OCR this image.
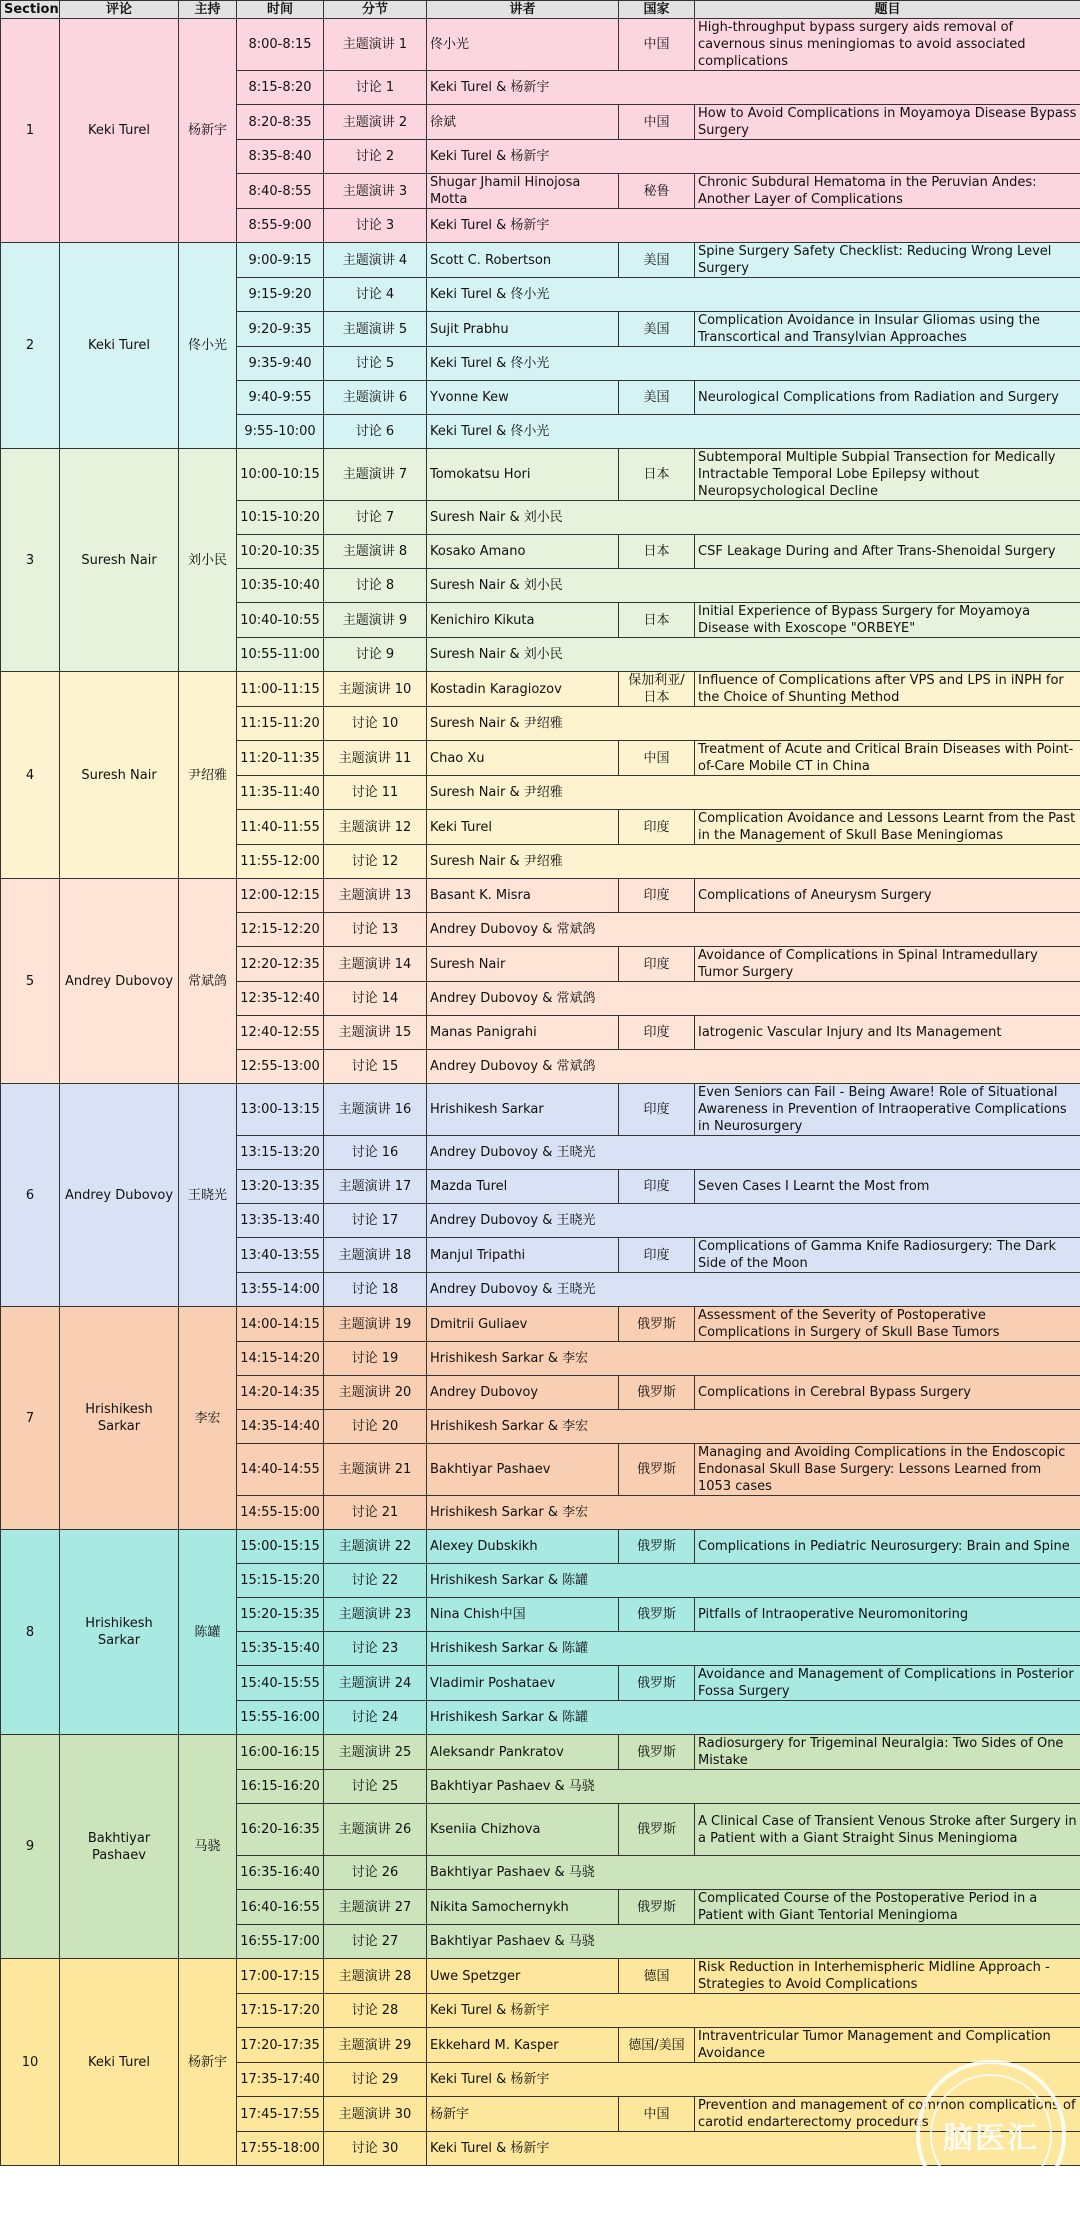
Section	评论	主持	时间	分节	讲者	国家	题目
1	Keki Turel	杨新宇	8:00-8:15	主题演讲 1	佟小光	中国	High-throughput bypass surgery aids removal of cavernous sinus meningiomas to avoid associated complications
			8:15-8:20	讨论 1	Keki Turel & 杨新宇		
			8:20-8:35	主题演讲 2	徐斌	中国	How to Avoid Complications in Moyamoya Disease Bypass Surgery
			8:35-8:40	讨论 2	Keki Turel & 杨新宇		
			8:40-8:55	主题演讲 3	Shugar Jhamil Hinojosa Motta	秘鲁	Chronic Subdural Hematoma in the Peruvian Andes: Another Layer of Complications
			8:55-9:00	讨论 3	Keki Turel & 杨新宇		
2	Keki Turel	佟小光	9:00-9:15	主题演讲 4	Scott C. Robertson	美国	Spine Surgery Safety Checklist: Reducing Wrong Level Surgery
			9:15-9:20	讨论 4	Keki Turel & 佟小光		
			9:20-9:35	主题演讲 5	Sujit Prabhu	美国	Complication Avoidance in Insular Gliomas using the Transcortical and Transylvian Approaches
			9:35-9:40	讨论 5	Keki Turel & 佟小光		
			9:40-9:55	主题演讲 6	Yvonne Kew	美国	Neurological Complications from Radiation and Surgery
			9:55-10:00	讨论 6	Keki Turel & 佟小光		
3	Suresh Nair	刘小民	10:00-10:15	主题演讲 7	Tomokatsu Hori	日本	Subtemporal Multiple Subpial Transection for Medically Intractable Temporal Lobe Epilepsy without Neuropsychological Decline
			10:15-10:20	讨论 7	Suresh Nair & 刘小民		
			10:20-10:35	主题演讲 8	Kosako Amano	日本	CSF Leakage During and After Trans-Shenoidal Surgery
			10:35-10:40	讨论 8	Suresh Nair & 刘小民		
			10:40-10:55	主题演讲 9	Kenichiro Kikuta	日本	Initial Experience of Bypass Surgery for Moyamoya Disease with Exoscope "ORBEYE"
			10:55-11:00	讨论 9	Suresh Nair & 刘小民		
4	Suresh Nair	尹绍雅	11:00-11:15	主题演讲 10	Kostadin Karagiozov	保加利亚/日本	Influence of Complications after VPS and LPS in iNPH for the Choice of Shunting Method
			11:15-11:20	讨论 10	Suresh Nair & 尹绍雅		
			11:20-11:35	主题演讲 11	Chao Xu	中国	Treatment of Acute and Critical Brain Diseases with Point-of-Care Mobile CT in China
			11:35-11:40	讨论 11	Suresh Nair & 尹绍雅		
			11:40-11:55	主题演讲 12	Keki Turel	印度	Complication Avoidance and Lessons Learnt from the Past in the Management of Skull Base Meningiomas
			11:55-12:00	讨论 12	Suresh Nair & 尹绍雅		
5	Andrey Dubovoy	常斌鸽	12:00-12:15	主题演讲 13	Basant K. Misra	印度	Complications of Aneurysm Surgery
			12:15-12:20	讨论 13	Andrey Dubovoy & 常斌鸽		
			12:20-12:35	主题演讲 14	Suresh Nair	印度	Avoidance of Complications in Spinal Intramedullary Tumor Surgery
			12:35-12:40	讨论 14	Andrey Dubovoy & 常斌鸽		
			12:40-12:55	主题演讲 15	Manas Panigrahi	印度	Iatrogenic Vascular Injury and Its Management
			12:55-13:00	讨论 15	Andrey Dubovoy & 常斌鸽		
6	Andrey Dubovoy	王晓光	13:00-13:15	主题演讲 16	Hrishikesh Sarkar	印度	Even Seniors can Fail - Being Aware! Role of Situational Awareness in Prevention of Intraoperative Complications in Neurosurgery
			13:15-13:20	讨论 16	Andrey Dubovoy & 王晓光		
			13:20-13:35	主题演讲 17	Mazda Turel	印度	Seven Cases I Learnt the Most from
			13:35-13:40	讨论 17	Andrey Dubovoy & 王晓光		
			13:40-13:55	主题演讲 18	Manjul Tripathi	印度	Complications of Gamma Knife Radiosurgery: The Dark Side of the Moon
			13:55-14:00	讨论 18	Andrey Dubovoy & 王晓光		
7	Hrishikesh Sarkar	李宏	14:00-14:15	主题演讲 19	Dmitrii Guliaev	俄罗斯	Assessment of the Severity of Postoperative Complications in Surgery of Skull Base Tumors
			14:15-14:20	讨论 19	Hrishikesh Sarkar & 李宏		
			14:20-14:35	主题演讲 20	Andrey Dubovoy	俄罗斯	Complications in Cerebral Bypass Surgery
			14:35-14:40	讨论 20	Hrishikesh Sarkar & 李宏		
			14:40-14:55	主题演讲 21	Bakhtiyar Pashaev	俄罗斯	Managing and Avoiding Complications in the Endoscopic Endonasal Skull Base Surgery: Lessons Learned from 1053 cases
			14:55-15:00	讨论 21	Hrishikesh Sarkar & 李宏		
8	Hrishikesh Sarkar	陈罐	15:00-15:15	主题演讲 22	Alexey Dubskikh	俄罗斯	Complications in Pediatric Neurosurgery: Brain and Spine
			15:15-15:20	讨论 22	Hrishikesh Sarkar & 陈罐		
			15:20-15:35	主题演讲 23	Nina Chish中国	俄罗斯	Pitfalls of Intraoperative Neuromonitoring
			15:35-15:40	讨论 23	Hrishikesh Sarkar & 陈罐		
			15:40-15:55	主题演讲 24	Vladimir Poshataev	俄罗斯	Avoidance and Management of Complications in Posterior Fossa Surgery
			15:55-16:00	讨论 24	Hrishikesh Sarkar & 陈罐		
9	Bakhtiyar Pashaev	马骁	16:00-16:15	主题演讲 25	Aleksandr Pankratov	俄罗斯	Radiosurgery for Trigeminal Neuralgia: Two Sides of One Mistake
			16:15-16:20	讨论 25	Bakhtiyar Pashaev & 马骁		
			16:20-16:35	主题演讲 26	Kseniia Chizhova	俄罗斯	A Clinical Case of Transient Venous Stroke after Surgery in a Patient with a Giant Straight Sinus Meningioma
			16:35-16:40	讨论 26	Bakhtiyar Pashaev & 马骁		
			16:40-16:55	主题演讲 27	Nikita Samochernykh	俄罗斯	Complicated Course of the Postoperative Period in a Patient with Giant Tentorial Meningioma
			16:55-17:00	讨论 27	Bakhtiyar Pashaev & 马骁		
10	Keki Turel	杨新宇	17:00-17:15	主题演讲 28	Uwe Spetzger	德国	Risk Reduction in Interhemispheric Midline Approach - Strategies to Avoid Complications
			17:15-17:20	讨论 28	Keki Turel & 杨新宇		
			17:20-17:35	主题演讲 29	Ekkehard M. Kasper	德国/美国	Intraventricular Tumor Management and Complication Avoidance
			17:35-17:40	讨论 29	Keki Turel & 杨新宇		
			17:45-17:55	主题演讲 30	杨新宇	中国	Prevention and management of common complications of carotid endarterectomy procedures
			17:55-18:00	讨论 30	Keki Turel & 杨新宇			脑医汇
